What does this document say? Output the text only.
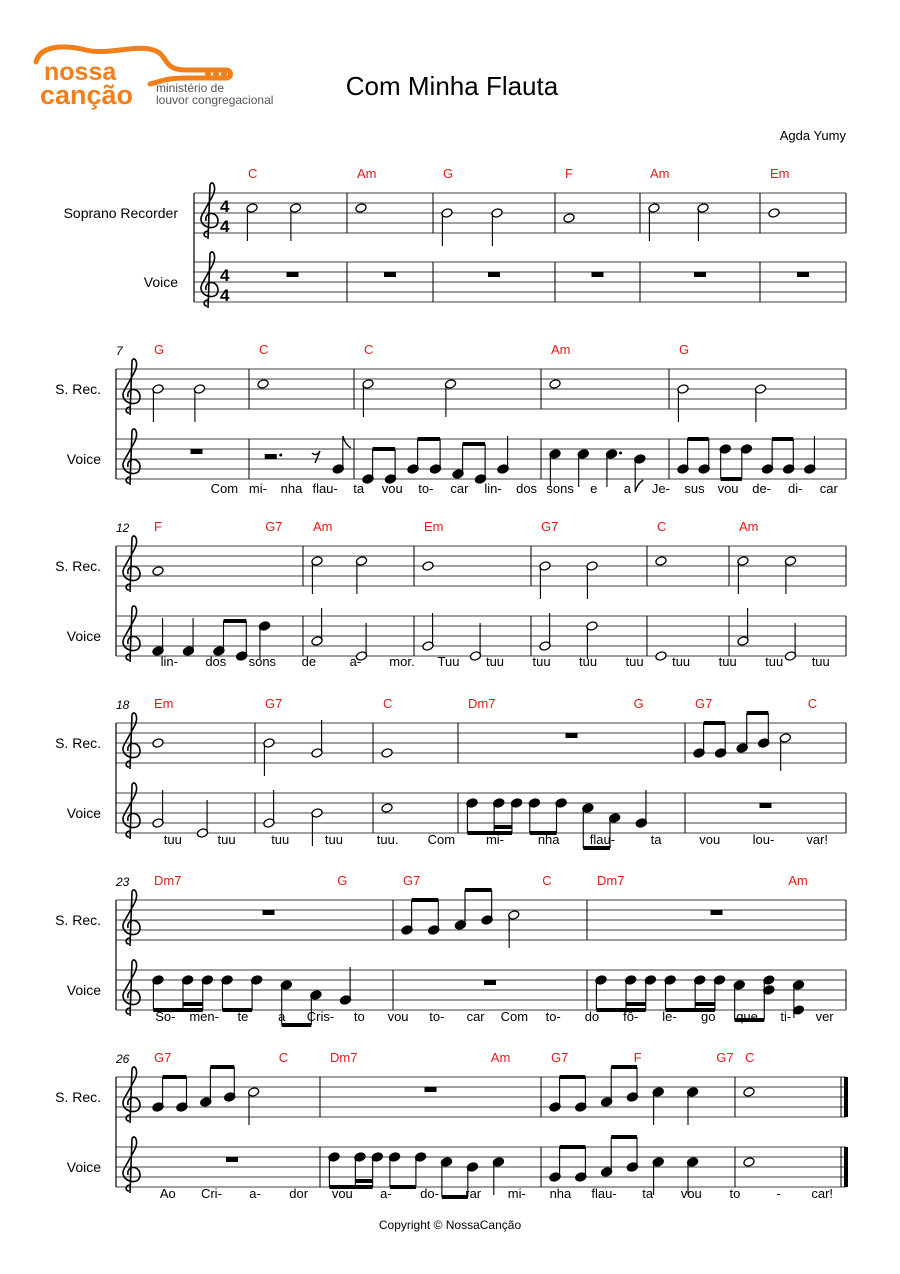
nossa
canção ministério de
louvor congregacional	Com Minha Flauta
Agda Yumy
Copyright © NossaCanção
Soprano Recorder
Voice
4
4
4
4
C	Am	G	F	Am	Em
S. Rec.
Voice
7 G	C	C	Am	G
Com mi- nha flau- ta vou to- car lin- dos sons e a Je- sus vou de- di- car
S. Rec.
Voice
12 F	G7 Am	Em	G7	C	Am
lin- dos sons de	a- mor. Tuu tuu tuu tuu tuu tuu tuu tuu tuu
S. Rec.
Voice
18 Em	G7	C	Dm7	G	G7	C
tuu	tuu	tuu	tuu	tuu. Com mi-	nha flau-	ta	vou lou- var!
S. Rec.
Voice
23 Dm7	G	G7	C	Dm7	Am
So- men- te a Cris- to vou to- car Com to- do fô- le- go que ti- ver
S. Rec.
Voice
26 G7	C	Dm7	Am	G7	F	G7 C
Ao Cri- a- dor vou a- do- rar mi- nha flau- ta vou to	- car!
